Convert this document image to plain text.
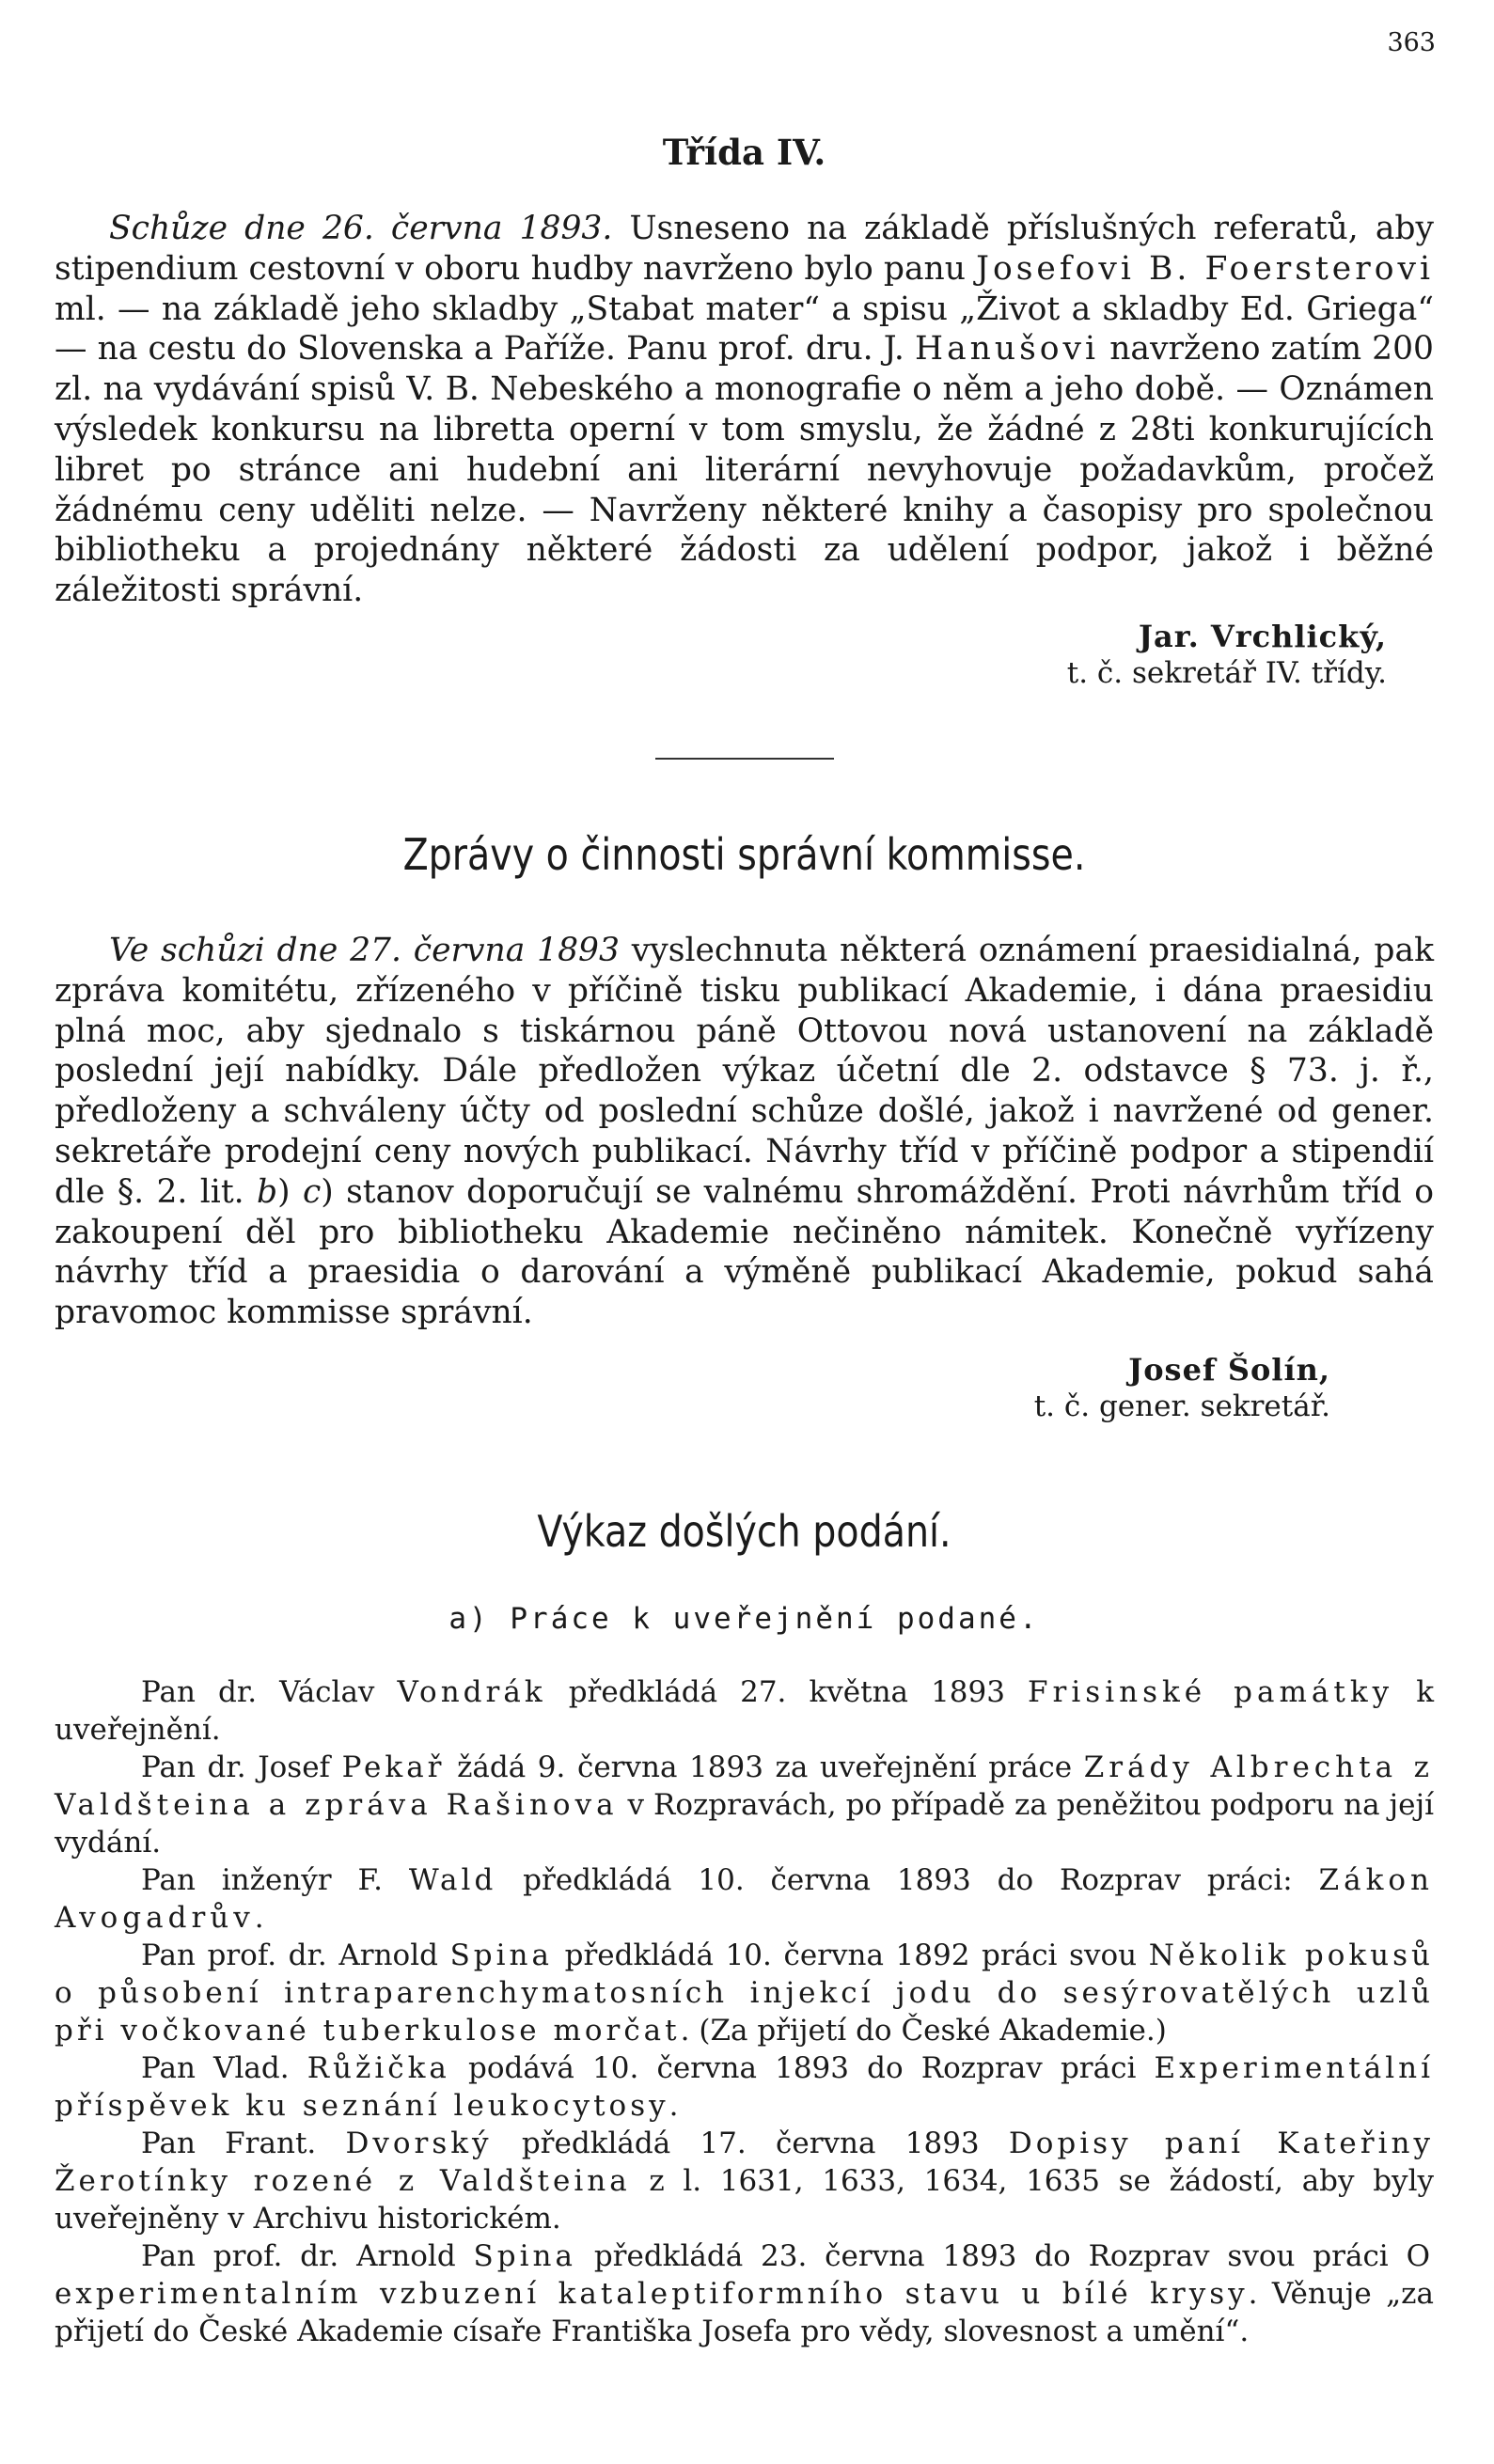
363
Třída IV.

Schůze dne 26. června 1893. Usneseno na základě příslušných referatů, aby stipendium cestovní v oboru hudby navrženo bylo panu Josefovi B. Foersterovi ml. — na základě jeho skladby „Stabat mater“ a spisu „Život a skladby Ed. Griega“ — na cestu do Slovenska a Paříže. Panu prof. dru. J. Hanušovi navrženo zatím 200 zl. na vydávání spisů V. B. Nebeského a monografie o něm a jeho době. — Oznámen výsledek konkursu na libretta operní v tom smyslu, že žádné z 28ti konkurujících libret po stránce ani hudební ani literární nevyhovuje požadavkům, pročež žádnému ceny uděliti nelze. — Navrženy některé knihy a časopisy pro společnou bibliotheku a projednány některé žádosti za udělení podpor, jakož i běžné záležitosti správní.

Jar. Vrchlický,
t. č. sekretář IV. třídy.
Zprávy o činnosti správní kommisse.

Ve schůzi dne 27. června 1893 vyslechnuta některá oznámení praesidialná, pak zpráva komitétu, zřízeného v příčině tisku publikací Akademie, i dána praesidiu plná moc, aby sjednalo s tiskárnou páně Ottovou nová ustanovení na základě poslední její nabídky. Dále předložen výkaz účetní dle 2. odstavce § 73. j. ř., předloženy a schváleny účty od poslední schůze došlé, jakož i navržené od gener. sekretáře prodejní ceny nových publikací. Návrhy tříd v příčině podpor a stipendií dle §. 2. lit. b) c) stanov doporučují se valnému shromáždění. Proti návrhům tříd o zakoupení děl pro bibliotheku Akademie nečiněno námitek. Konečně vyřízeny návrhy tříd a praesidia o darování a výměně publikací Akademie, pokud sahá pravomoc kommisse správní.

Josef Šolín,
t. č. gener. sekretář.
Výkaz došlých podání.
a) Práce k uveřejnění podané.

Pan dr. Václav Vondrák předkládá 27. května 1893 Frisinské památky k uveřejnění.

Pan dr. Josef Pekař žádá 9. června 1893 za uveřejnění práce Zrády Albrechta z Valdšteina a zpráva Rašinova v Rozpravách, po případě za peněžitou podporu na její vydání.

Pan inženýr F. Wald předkládá 10. června 1893 do Rozprav práci: Zákon Avogadrův.

Pan prof. dr. Arnold Spina předkládá 10. června 1892 práci svou Několik pokusů o působení intraparenchymatosních injekcí jodu do sesýrovatělých uzlů při vočkované tuberkulose morčat. (Za přijetí do České Akademie.)

Pan Vlad. Růžička podává 10. června 1893 do Rozprav práci Experimentální příspěvek ku seznání leukocytosy.

Pan Frant. Dvorský předkládá 17. června 1893 Dopisy paní Kateřiny Žerotínky rozené z Valdšteina z l. 1631, 1633, 1634, 1635 se žádostí, aby byly uveřejněny v Archivu historickém.

Pan prof. dr. Arnold Spina předkládá 23. června 1893 do Rozprav svou práci O experimentalním vzbuzení kataleptiformního stavu u bílé krysy. Věnuje „za přijetí do České Akademie císaře Františka Josefa pro vědy, slovesnost a umění“.
